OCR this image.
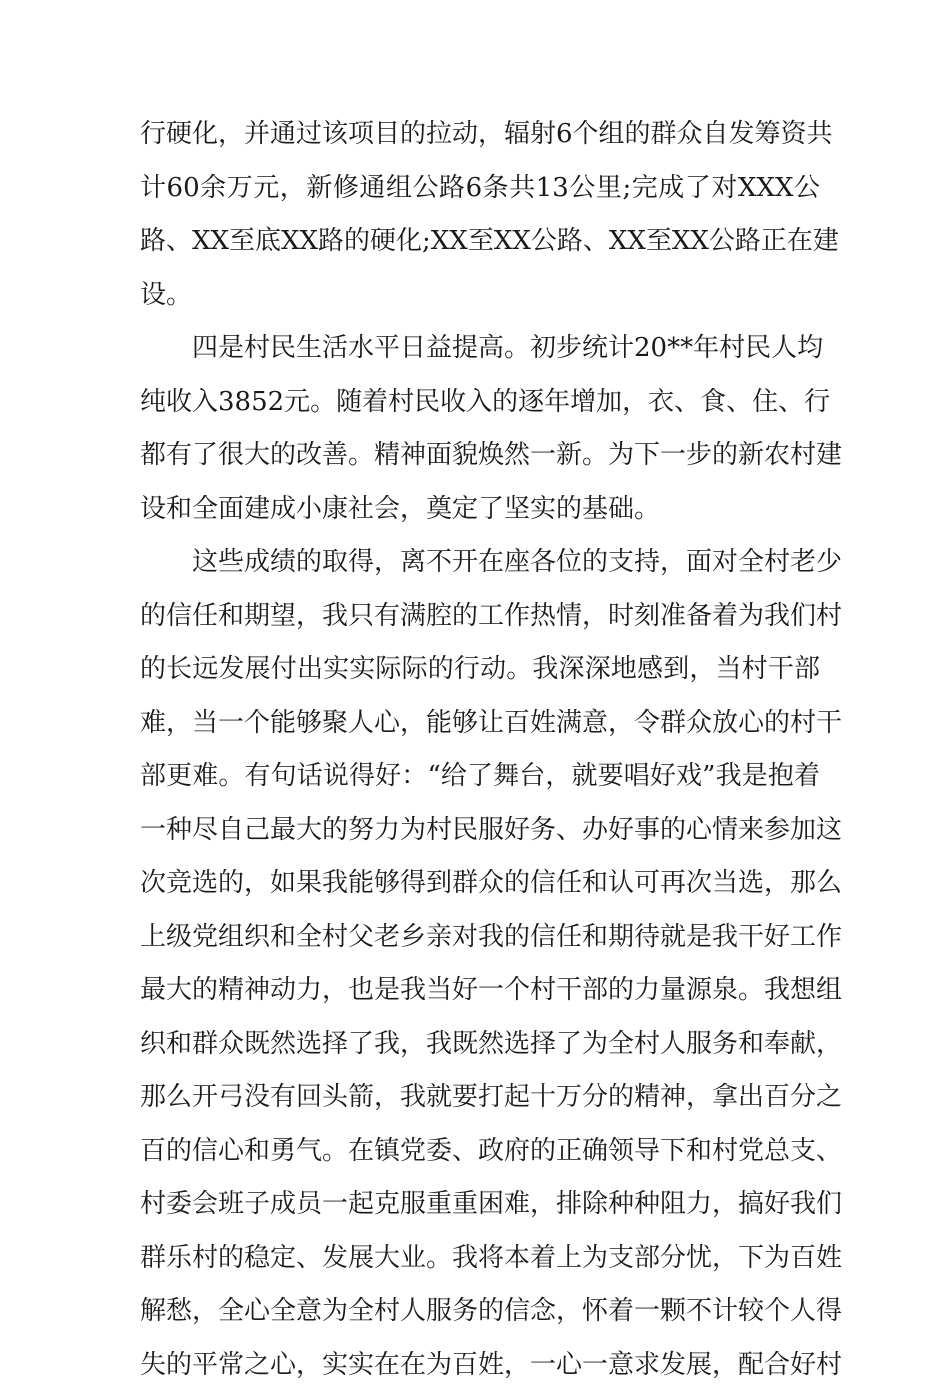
行硬化，并通过该项目的拉动，辐射6个组的群众自发筹资共
计60余万元，新修通组公路6条共13公里;完成了对XXX公
路、XX至底XX路的硬化;XX至XX公路、XX至XX公路正在建
设。
四是村民生活水平日益提高。初步统计20**年村民人均
纯收入3852元。随着村民收入的逐年增加，衣、食、住、行
都有了很大的改善。精神面貌焕然一新。为下一步的新农村建
设和全面建成小康社会，奠定了坚实的基础。
这些成绩的取得，离不开在座各位的支持，面对全村老少
的信任和期望，我只有满腔的工作热情，时刻准备着为我们村
的长远发展付出实实际际的行动。我深深地感到，当村干部
难，当一个能够聚人心，能够让百姓满意，令群众放心的村干
部更难。有句话说得好：“给了舞台，就要唱好戏”我是抱着
一种尽自己最大的努力为村民服好务、办好事的心情来参加这
次竞选的，如果我能够得到群众的信任和认可再次当选，那么
上级党组织和全村父老乡亲对我的信任和期待就是我干好工作
最大的精神动力，也是我当好一个村干部的力量源泉。我想组
织和群众既然选择了我，我既然选择了为全村人服务和奉献，
那么开弓没有回头箭，我就要打起十万分的精神，拿出百分之
百的信心和勇气。在镇党委、政府的正确领导下和村党总支、
村委会班子成员一起克服重重困难，排除种种阻力，搞好我们
群乐村的稳定、发展大业。我将本着上为支部分忧，下为百姓
解愁，全心全意为全村人服务的信念，怀着一颗不计较个人得
失的平常之心，实实在在为百姓，一心一意求发展，配合好村
